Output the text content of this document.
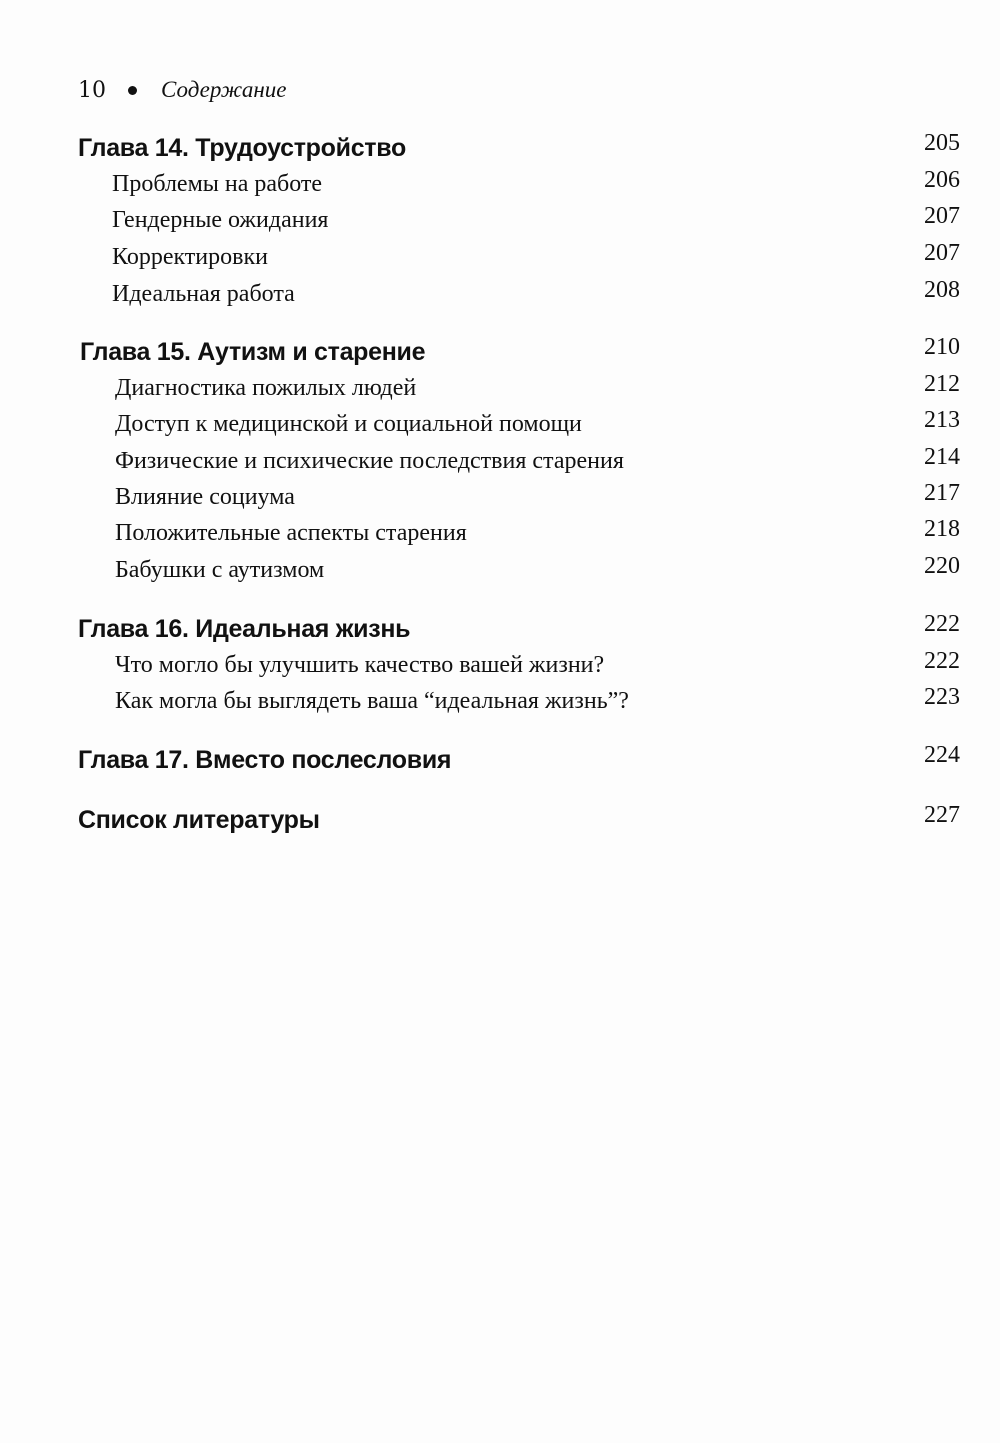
10 Содержание
Глава 14. Трудоустройство	205
Проблемы на работе	206
Гендерные ожидания	207
Корректировки	207
Идеальная работа	208
Глава 15. Аутизм и старение	210
Диагностика пожилых людей	212
Доступ к медицинской и социальной помощи	213
Физические и психические последствия старения	214
Влияние социума	217
Положительные аспекты старения	218
Бабушки с аутизмом	220
Глава 16. Идеальная жизнь	222
Что могло бы улучшить качество вашей жизни?	222
Как могла бы выглядеть ваша “идеальная жизнь”?	223
Глава 17. Вместо послесловия	224
Список литературы	227
